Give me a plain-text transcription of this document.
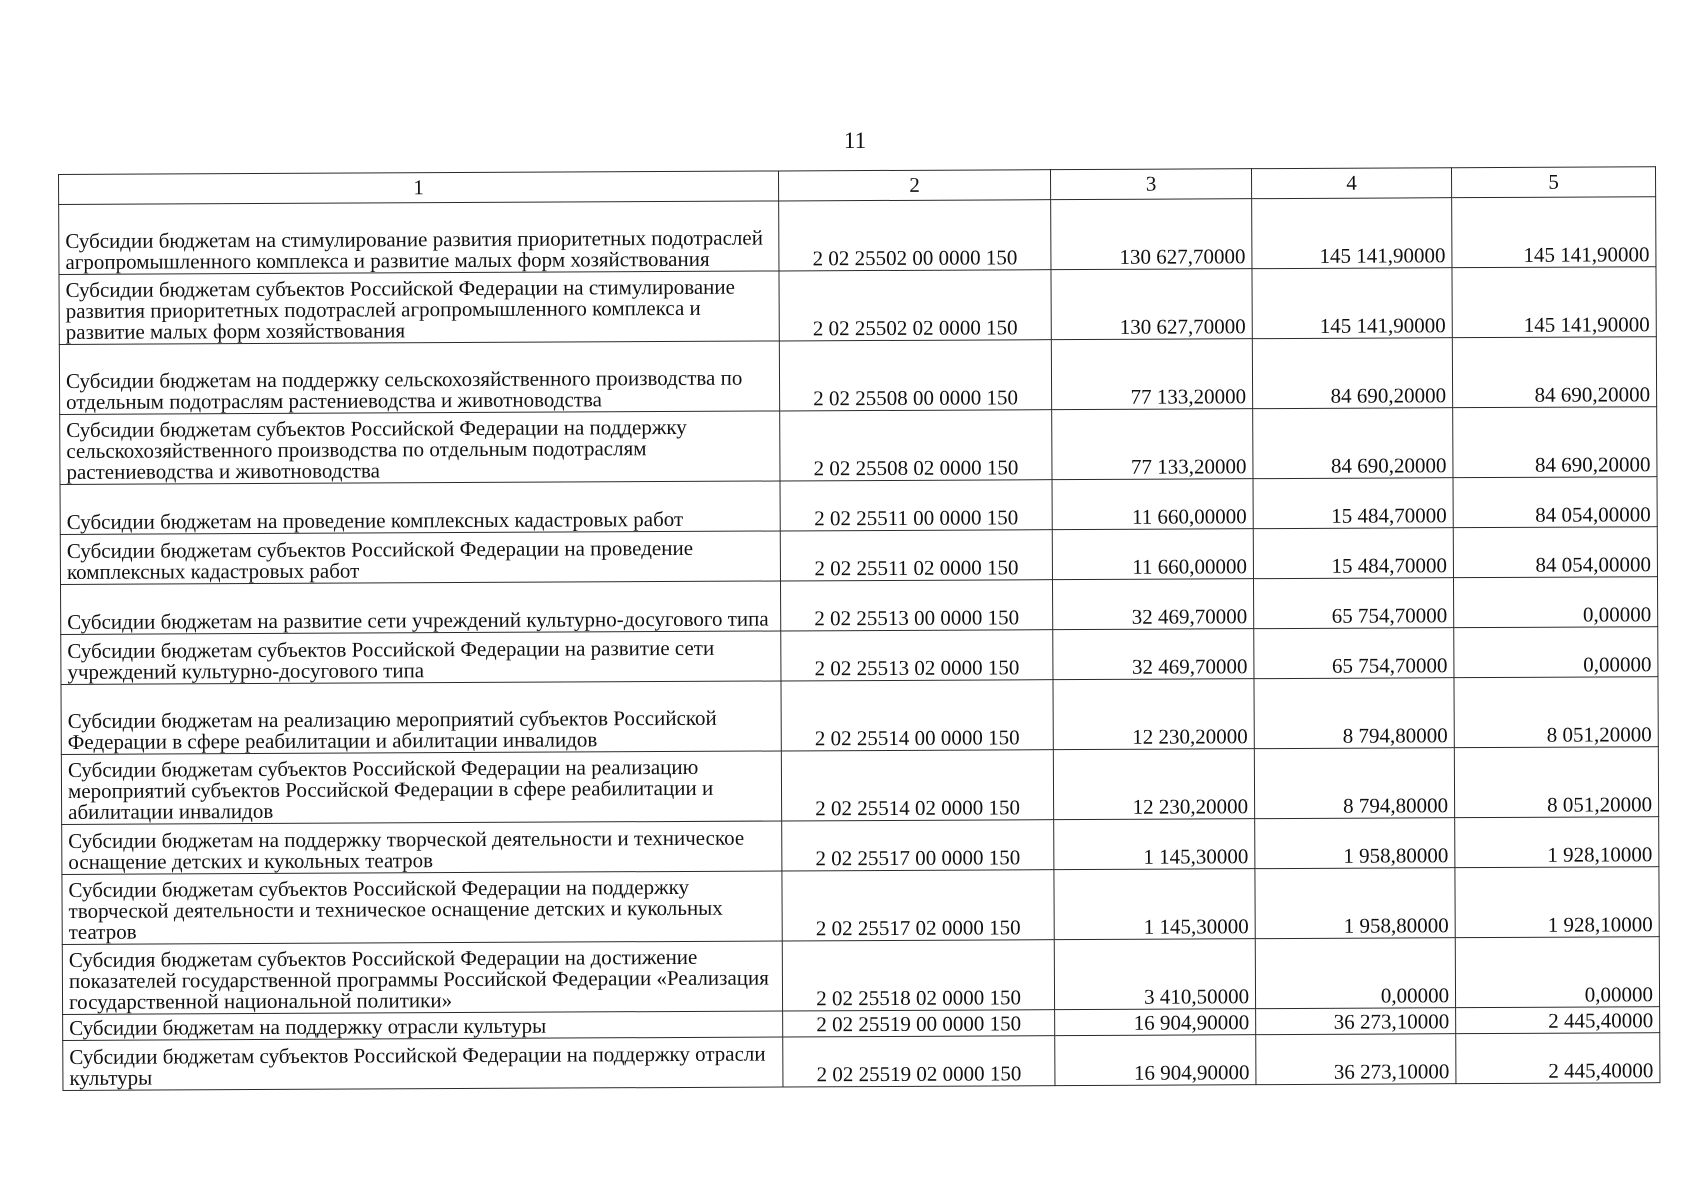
11
1	2	3	4	5
Субсидии бюджетам на стимулирование развития приоритетных подотраслей агропромышленного комплекса и развитие малых форм хозяйствования	2 02 25502 00 0000 150	130 627,70000	145 141,90000	145 141,90000
Субсидии бюджетам субъектов Российской Федерации на стимулирование развития приоритетных подотраслей агропромышленного комплекса и развитие малых форм хозяйствования	2 02 25502 02 0000 150	130 627,70000	145 141,90000	145 141,90000
Субсидии бюджетам на поддержку сельскохозяйственного производства по отдельным подотраслям растениеводства и животноводства	2 02 25508 00 0000 150	77 133,20000	84 690,20000	84 690,20000
Субсидии бюджетам субъектов Российской Федерации на поддержку сельскохозяйственного производства по отдельным подотраслям растениеводства и животноводства	2 02 25508 02 0000 150	77 133,20000	84 690,20000	84 690,20000
Субсидии бюджетам на проведение комплексных кадастровых работ	2 02 25511 00 0000 150	11 660,00000	15 484,70000	84 054,00000
Субсидии бюджетам субъектов Российской Федерации на проведение комплексных кадастровых работ	2 02 25511 02 0000 150	11 660,00000	15 484,70000	84 054,00000
Субсидии бюджетам на развитие сети учреждений культурно-досугового типа	2 02 25513 00 0000 150	32 469,70000	65 754,70000	0,00000
Субсидии бюджетам субъектов Российской Федерации на развитие сети учреждений культурно-досугового типа	2 02 25513 02 0000 150	32 469,70000	65 754,70000	0,00000
Субсидии бюджетам на реализацию мероприятий субъектов Российской Федерации в сфере реабилитации и абилитации инвалидов	2 02 25514 00 0000 150	12 230,20000	8 794,80000	8 051,20000
Субсидии бюджетам субъектов Российской Федерации на реализацию мероприятий субъектов Российской Федерации в сфере реабилитации и абилитации инвалидов	2 02 25514 02 0000 150	12 230,20000	8 794,80000	8 051,20000
Субсидии бюджетам на поддержку творческой деятельности и техническое оснащение детских и кукольных театров	2 02 25517 00 0000 150	1 145,30000	1 958,80000	1 928,10000
Субсидии бюджетам субъектов Российской Федерации на поддержку творческой деятельности и техническое оснащение детских и кукольных театров	2 02 25517 02 0000 150	1 145,30000	1 958,80000	1 928,10000
Субсидия бюджетам субъектов Российской Федерации на достижение показателей государственной программы Российской Федерации «Реализация государственной национальной политики»	2 02 25518 02 0000 150	3 410,50000	0,00000	0,00000
Субсидии бюджетам на поддержку отрасли культуры	2 02 25519 00 0000 150	16 904,90000	36 273,10000	2 445,40000
Субсидии бюджетам субъектов Российской Федерации на поддержку отрасли культуры	2 02 25519 02 0000 150	16 904,90000	36 273,10000	2 445,40000
